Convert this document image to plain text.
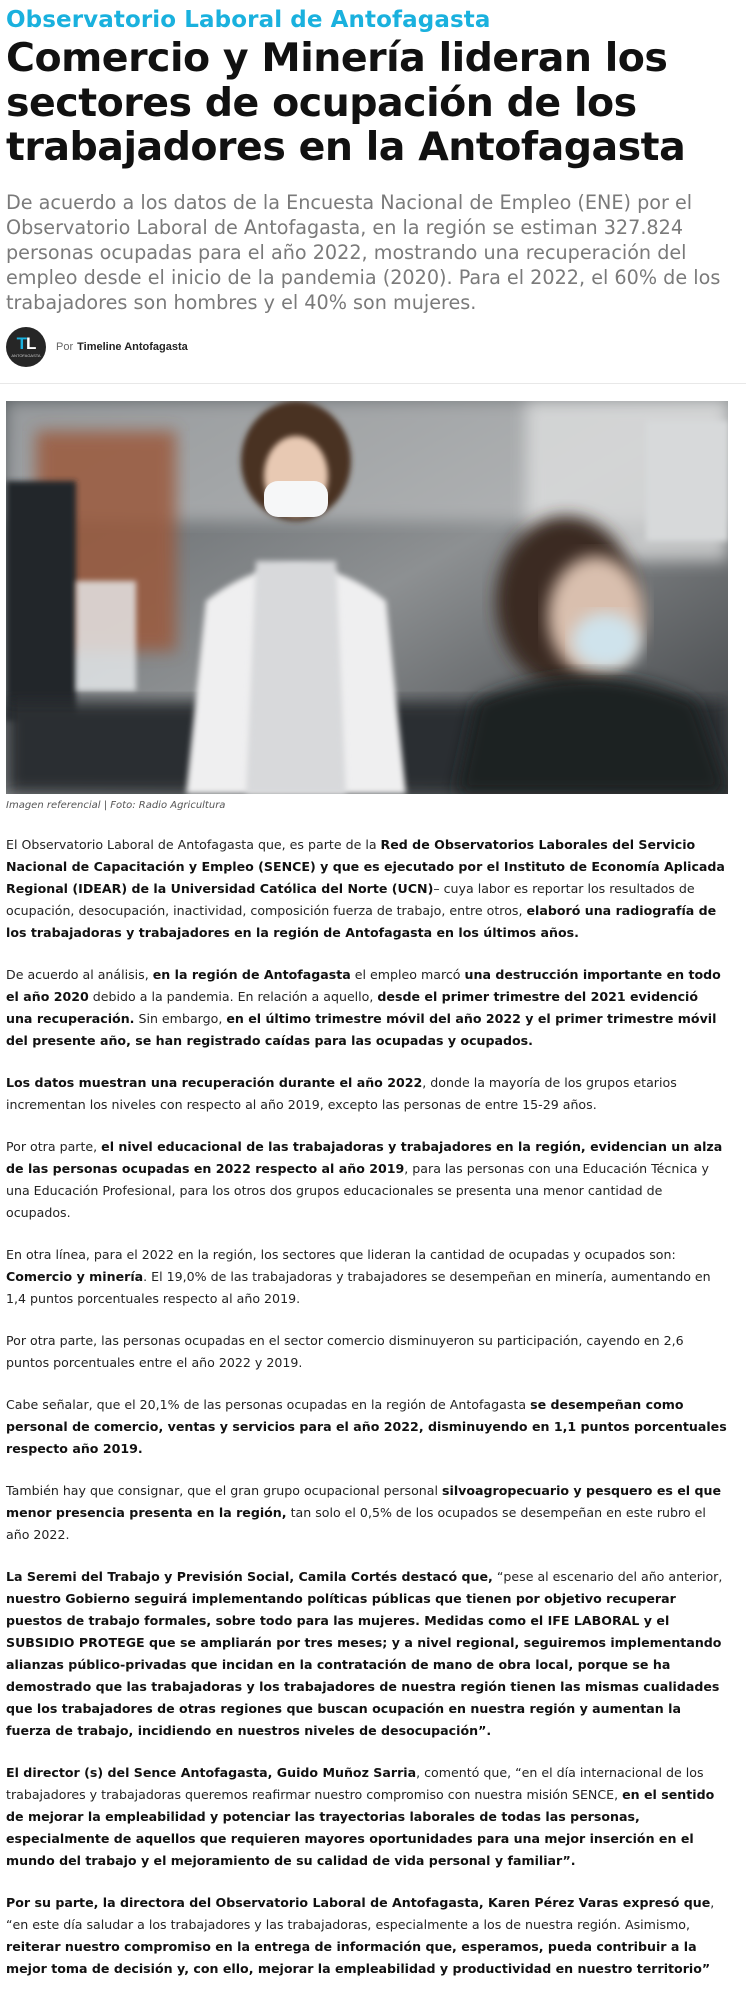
Observatorio Laboral de Antofagasta
Comercio y Minería lideran los sectores de ocupación de los trabajadores en la Antofagasta

De acuerdo a los datos de la Encuesta Nacional de Empleo (ENE) por el Observatorio Laboral de Antofagasta, en la región se estiman 327.824 personas ocupadas para el año 2022, mostrando una recuperación del empleo desde el inicio de la pandemia (2020). Para el 2022, el 60% de los trabajadores son hombres y el 40% son mujeres.

TL
ANTOFAGASTA
Por Timeline Antofagasta
Imagen referencial | Foto: Radio Agricultura

El Observatorio Laboral de Antofagasta que, es parte de la Red de Observatorios Laborales del Servicio Nacional de Capacitación y Empleo (SENCE) y que es ejecutado por el Instituto de Economía Aplicada Regional (IDEAR) de la Universidad Católica del Norte (UCN)– cuya labor es reportar los resultados de ocupación, desocupación, inactividad, composición fuerza de trabajo, entre otros, elaboró una radiografía de los trabajadoras y trabajadores en la región de Antofagasta en los últimos años.

De acuerdo al análisis, en la región de Antofagasta el empleo marcó una destrucción importante en todo el año 2020 debido a la pandemia. En relación a aquello, desde el primer trimestre del 2021 evidenció una recuperación. Sin embargo, en el último trimestre móvil del año 2022 y el primer trimestre móvil del presente año, se han registrado caídas para las ocupadas y ocupados.

Los datos muestran una recuperación durante el año 2022, donde la mayoría de los grupos etarios incrementan los niveles con respecto al año 2019, excepto las personas de entre 15-29 años.

Por otra parte, el nivel educacional de las trabajadoras y trabajadores en la región, evidencian un alza de las personas ocupadas en 2022 respecto al año 2019, para las personas con una Educación Técnica y una Educación Profesional, para los otros dos grupos educacionales se presenta una menor cantidad de ocupados.

En otra línea, para el 2022 en la región, los sectores que lideran la cantidad de ocupadas y ocupados son: Comercio y minería. El 19,0% de las trabajadoras y trabajadores se desempeñan en minería, aumentando en 1,4 puntos porcentuales respecto al año 2019.

Por otra parte, las personas ocupadas en el sector comercio disminuyeron su participación, cayendo en 2,6 puntos porcentuales entre el año 2022 y 2019.

Cabe señalar, que el 20,1% de las personas ocupadas en la región de Antofagasta se desempeñan como personal de comercio, ventas y servicios para el año 2022, disminuyendo en 1,1 puntos porcentuales respecto año 2019.

También hay que consignar, que el gran grupo ocupacional personal silvoagropecuario y pesquero es el que menor presencia presenta en la región, tan solo el 0,5% de los ocupados se desempeñan en este rubro el año 2022.

La Seremi del Trabajo y Previsión Social, Camila Cortés destacó que, “pese al escenario del año anterior, nuestro Gobierno seguirá implementando políticas públicas que tienen por objetivo recuperar puestos de trabajo formales, sobre todo para las mujeres. Medidas como el IFE LABORAL y el SUBSIDIO PROTEGE que se ampliarán por tres meses; y a nivel regional, seguiremos implementando alianzas público-privadas que incidan en la contratación de mano de obra local, porque se ha demostrado que las trabajadoras y los trabajadores de nuestra región tienen las mismas cualidades que los trabajadores de otras regiones que buscan ocupación en nuestra región y aumentan la fuerza de trabajo, incidiendo en nuestros niveles de desocupación”.

El director (s) del Sence Antofagasta, Guido Muñoz Sarria, comentó que, “en el día internacional de los trabajadores y trabajadoras queremos reafirmar nuestro compromiso con nuestra misión SENCE, en el sentido de mejorar la empleabilidad y potenciar las trayectorias laborales de todas las personas, especialmente de aquellos que requieren mayores oportunidades para una mejor inserción en el mundo del trabajo y el mejoramiento de su calidad de vida personal y familiar”.

Por su parte, la directora del Observatorio Laboral de Antofagasta, Karen Pérez Varas expresó que, “en este día saludar a los trabajadores y las trabajadoras, especialmente a los de nuestra región. Asimismo, reiterar nuestro compromiso en la entrega de información que, esperamos, pueda contribuir a la mejor toma de decisión y, con ello, mejorar la empleabilidad y productividad en nuestro territorio”
